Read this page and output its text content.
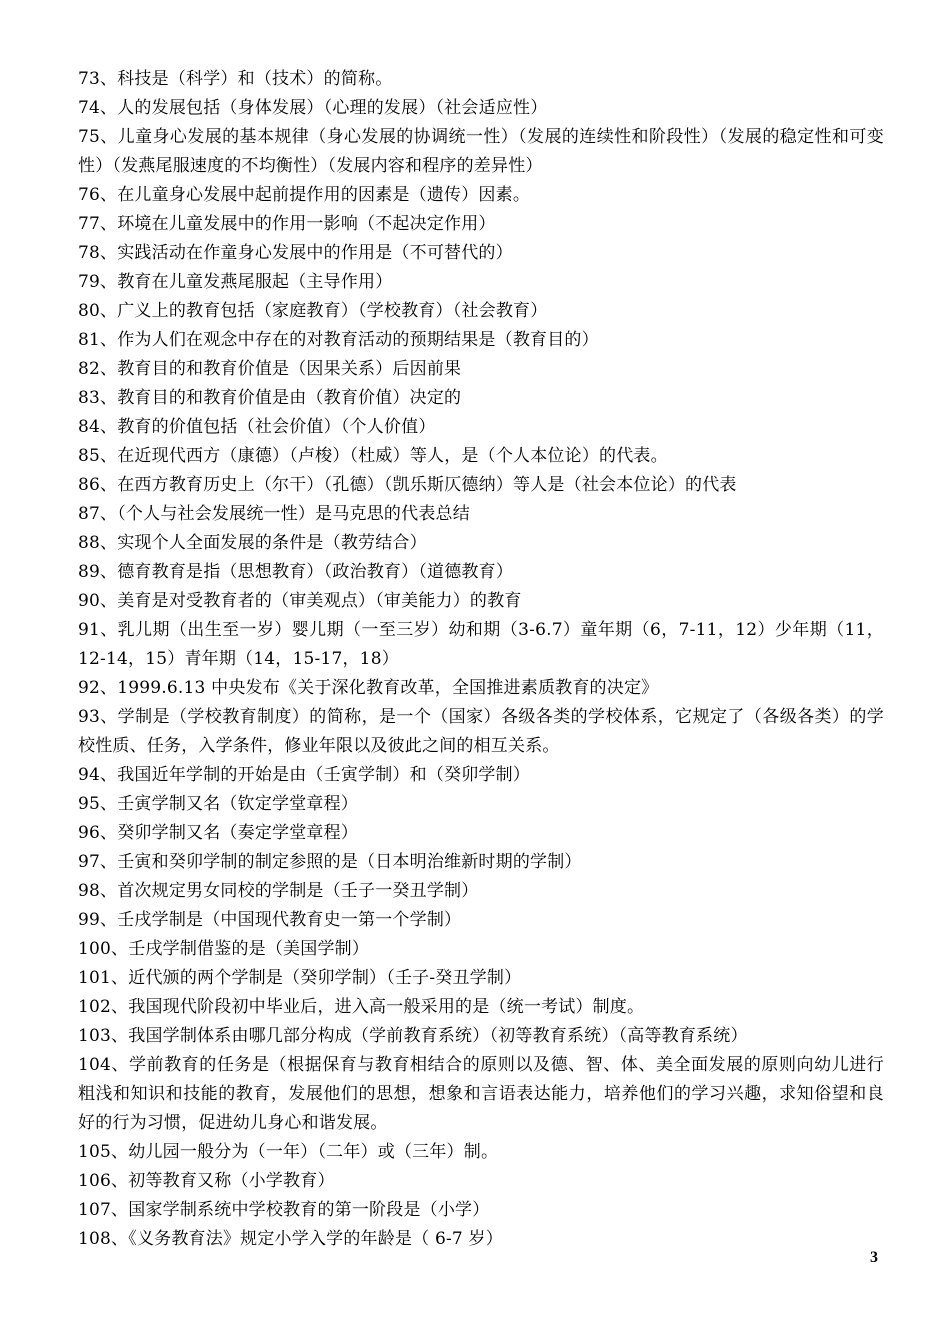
73、科技是（科学）和（技术）的简称。

74、人的发展包括（身体发展）（心理的发展）（社会适应性）

75、儿童身心发展的基本规律（身心发展的协调统一性）（发展的连续性和阶段性）（发展的稳定性和可变性）（发燕尾服速度的不均衡性）（发展内容和程序的差异性）

76、在儿童身心发展中起前提作用的因素是（遗传）因素。

77、环境在儿童发展中的作用一影响（不起决定作用）

78、实践活动在作童身心发展中的作用是（不可替代的）

79、教育在儿童发燕尾服起（主导作用）

80、广义上的教育包括（家庭教育）（学校教育）（社会教育）

81、作为人们在观念中存在的对教育活动的预期结果是（教育目的）

82、教育目的和教育价值是（因果关系）后因前果

83、教育目的和教育价值是由（教育价值）决定的

84、教育的价值包括（社会价值）（个人价值）

85、在近现代西方（康德）（卢梭）（杜威）等人，是（个人本位论）的代表。

86、在西方教育历史上（尔干）（孔德）（凯乐斯仄德纳）等人是（社会本位论）的代表

87、（个人与社会发展统一性）是马克思的代表总结

88、实现个人全面发展的条件是（教劳结合）

89、德育教育是指（思想教育）（政治教育）（道德教育）

90、美育是对受教育者的（审美观点）（审美能力）的教育

91、乳儿期（出生至一岁）婴儿期（一至三岁）幼和期（3-6.7）童年期（6，7-11，12）少年期（11，12-14，15）青年期（14，15-17，18）

92、1999.6.13 中央发布《关于深化教育改革，全国推进素质教育的决定》

93、学制是（学校教育制度）的简称，是一个（国家）各级各类的学校体系，它规定了（各级各类）的学校性质、任务，入学条件，修业年限以及彼此之间的相互关系。

94、我国近年学制的开始是由（壬寅学制）和（癸卯学制）

95、壬寅学制又名（钦定学堂章程）

96、癸卯学制又名（奏定学堂章程）

97、壬寅和癸卯学制的制定参照的是（日本明治维新时期的学制）

98、首次规定男女同校的学制是（壬子一癸丑学制）

99、壬戌学制是（中国现代教育史一第一个学制）

100、壬戌学制借鉴的是（美国学制）

101、近代颁的两个学制是（癸卯学制）（壬子-癸丑学制）

102、我国现代阶段初中毕业后，进入高一般采用的是（统一考试）制度。

103、我国学制体系由哪几部分构成（学前教育系统）（初等教育系统）（高等教育系统）

104、学前教育的任务是（根据保育与教育相结合的原则以及德、智、体、美全面发展的原则向幼儿进行粗浅和知识和技能的教育，发展他们的思想，想象和言语表达能力，培养他们的学习兴趣，求知俗望和良好的行为习惯，促进幼儿身心和谐发展。

105、幼儿园一般分为（一年）（二年）或（三年）制。

106、初等教育又称（小学教育）

107、国家学制系统中学校教育的第一阶段是（小学）

108、《义务教育法》规定小学入学的年龄是（ 6-7 岁）

3
